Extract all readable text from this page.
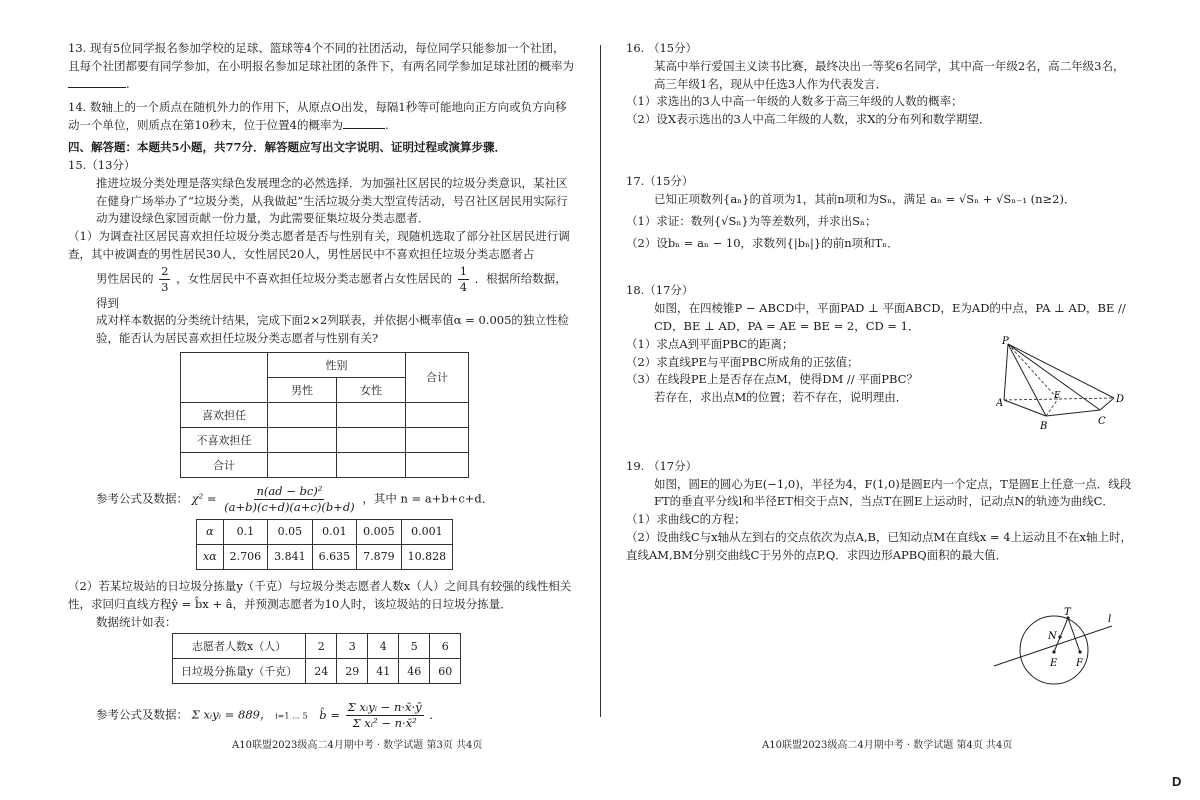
13. 现有5位同学报名参加学校的足球、篮球等4个不同的社团活动，每位同学只能参加一个社团，且每个社团都要有同学参加，在小明报名参加足球社团的条件下，有两名同学参加足球社团的概率为.

14. 数轴上的一个质点在随机外力的作用下，从原点O出发，每隔1秒等可能地向正方向或负方向移动一个单位，则质点在第10秒末，位于位置4的概率为	.

四、解答题：本题共5小题，共77分．解答题应写出文字说明、证明过程或演算步骤．

15.（13分）

推进垃圾分类处理是落实绿色发展理念的必然选择．为加强社区居民的垃圾分类意识，某社区在健身广场举办了“垃圾分类，从我做起”生活垃圾分类大型宣传活动，号召社区居民用实际行动为建设绿色家园贡献一份力量，为此需要征集垃圾分类志愿者．

（1）为调查社区居民喜欢担任垃圾分类志愿者是否与性别有关，现随机选取了部分社区居民进行调查，其中被调查的男性居民30人，女性居民20人，男性居民中不喜欢担任垃圾分类志愿者占

男性居民的 $\frac{2}{3}$ ，女性居民中不喜欢担任垃圾分类志愿者占女性居民的 $\frac{1}{4}$ ．根据所给数据，得到

成对样本数据的分类统计结果，完成下面2×2列联表，并依据小概率值α = 0.005的独立性检验，能否认为居民喜欢担任垃圾分类志愿者与性别有关?

	性别		合计
	男性	女性	
喜欢担任			
不喜欢担任			
合计			

参考公式及数据： $\chi^2 = \frac{\text{n(ad − bc)²}}{(a+b)(c+d)(a+c)(b+d)}$ ，其中 n = a+b+c+d．

α	0.1	0.05	0.01	0.005	0.001
xα	2.706	3.841	6.635	7.879	10.828

（2）若某垃圾站的日垃圾分拣量y（千克）与垃圾分类志愿者人数x（人）之间具有较强的线性相关性，求回归直线方程ŷ = b̂x + â，并预测志愿者为10人时，该垃圾站的日垃圾分拣量．

数据统计如表：

志愿者人数x（人）	2	3	4	5	6
日垃圾分拣量y（千克）	24	29	41	46	60

参考公式及数据： Σ xᵢyᵢ = 889， i=1 … 5 b̂ = $\frac{\text{Σ xᵢyᵢ − n·x̄·ȳ}}{\text{Σ xᵢ² − n·x̄²}}$ ．

A10联盟2023级高二4月期中考 · 数学试题 第3页 共4页

16. （15分）

某高中举行爱国主义读书比赛，最终决出一等奖6名同学，其中高一年级2名，高二年级3名，高三年级1名，现从中任选3人作为代表发言．

（1）求选出的3人中高一年级的人数多于高三年级的人数的概率；

（2）设X表示选出的3人中高二年级的人数，求X的分布列和数学期望．

17.（15分）

已知正项数列{aₙ}的首项为1，其前n项和为Sₙ，满足 aₙ = √Sₙ + √Sₙ₋₁ (n≥2)．

（1）求证：数列{√Sₙ}为等差数列，并求出Sₙ；

（2）设bₙ = aₙ − 10，求数列{|bₙ|}的前n项和Tₙ．

18.（17分）

如图，在四棱锥P − ABCD中，平面PAD ⊥ 平面ABCD，E为AD的中点，PA ⊥ AD，BE // CD，BE ⊥ AD，PA = AE = BE = 2，CD = 1．

（1）求点A到平面PBC的距离；

（2）求直线PE与平面PBC所成角的正弦值；

（3）在线段PE上是否存在点M，使得DM // 平面PBC？

若存在，求出点M的位置；若不存在，说明理由．

P
A
E	D
B	C

19. （17分）

如图，圆E的圆心为E(−1,0)，半径为4，F(1,0)是圆E内一个定点，T是圆E上任意一点．线段FT的垂直平分线l和半径ET相交于点N，当点T在圆E上运动时，记动点N的轨迹为曲线C．

（1）求曲线C的方程；

（2）设曲线C与x轴从左到右的交点依次为点A,B，已知动点M在直线x = 4上运动且不在x轴上时，直线AM,BM分别交曲线C于另外的点P,Q．求四边形APBQ面积的最大值．

T
N
E F
l
A10联盟2023级高二4月期中考 · 数学试题 第4页 共4页
D
